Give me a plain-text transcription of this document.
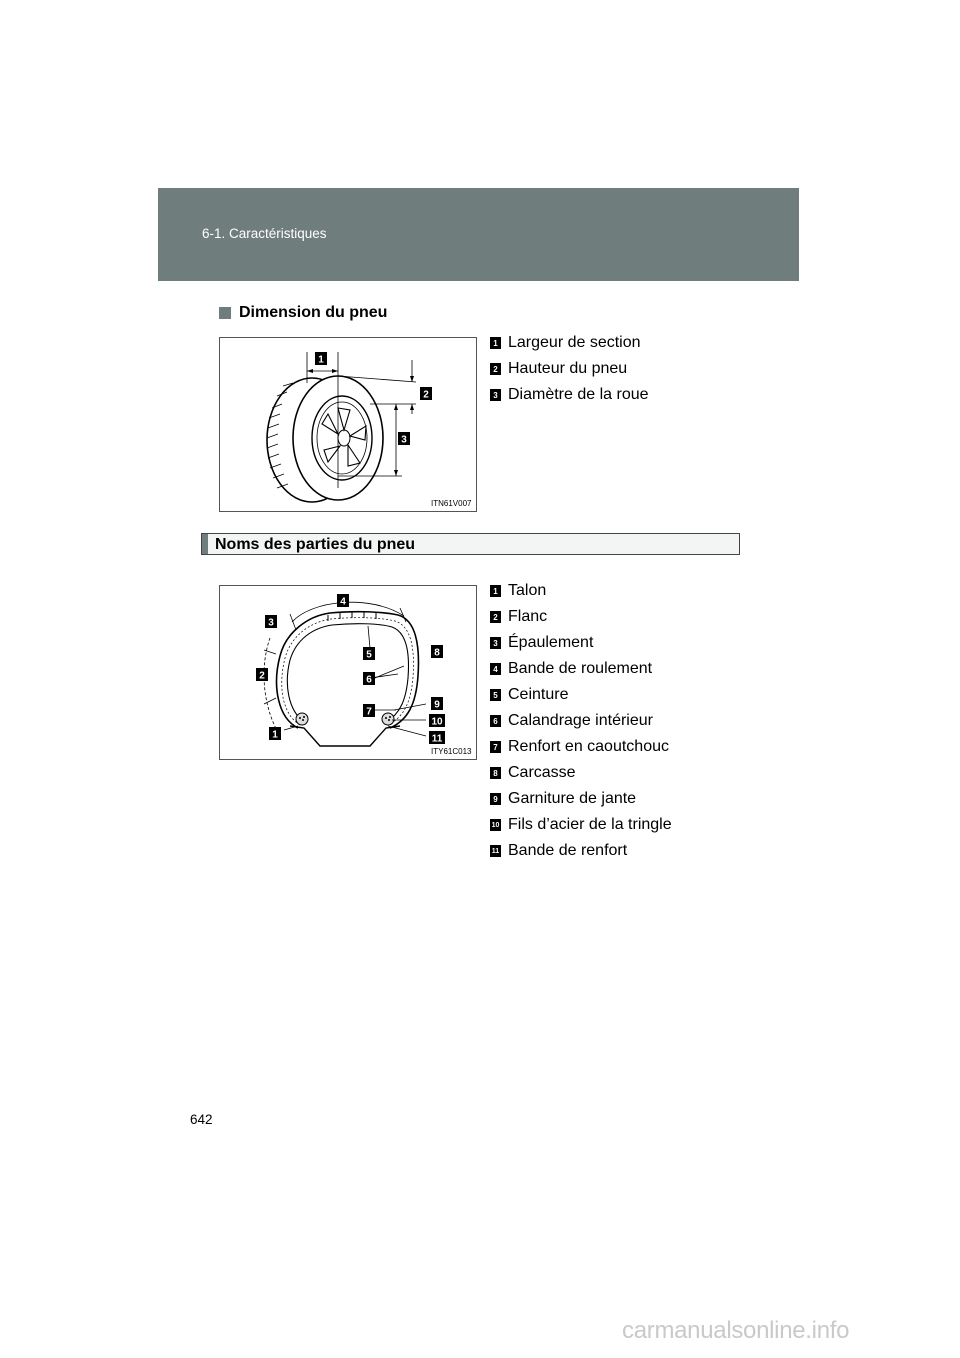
6-1. Caractéristiques
Dimension du pneu
1
2
3
ITN61V007
1 Largeur de section
2 Hauteur du pneu
3 Diamètre de la roue
Noms des parties du pneu
1
2
3
4
5
6
7
8
9
10
11
ITY61C013
1 Talon
2 Flanc
3 Épaulement
4 Bande de roulement
5 Ceinture
6 Calandrage intérieur
7 Renfort en caoutchouc
8 Carcasse
9 Garniture de jante
10 Fils d’acier de la tringle
11 Bande de renfort
642
carmanualsonline.info
